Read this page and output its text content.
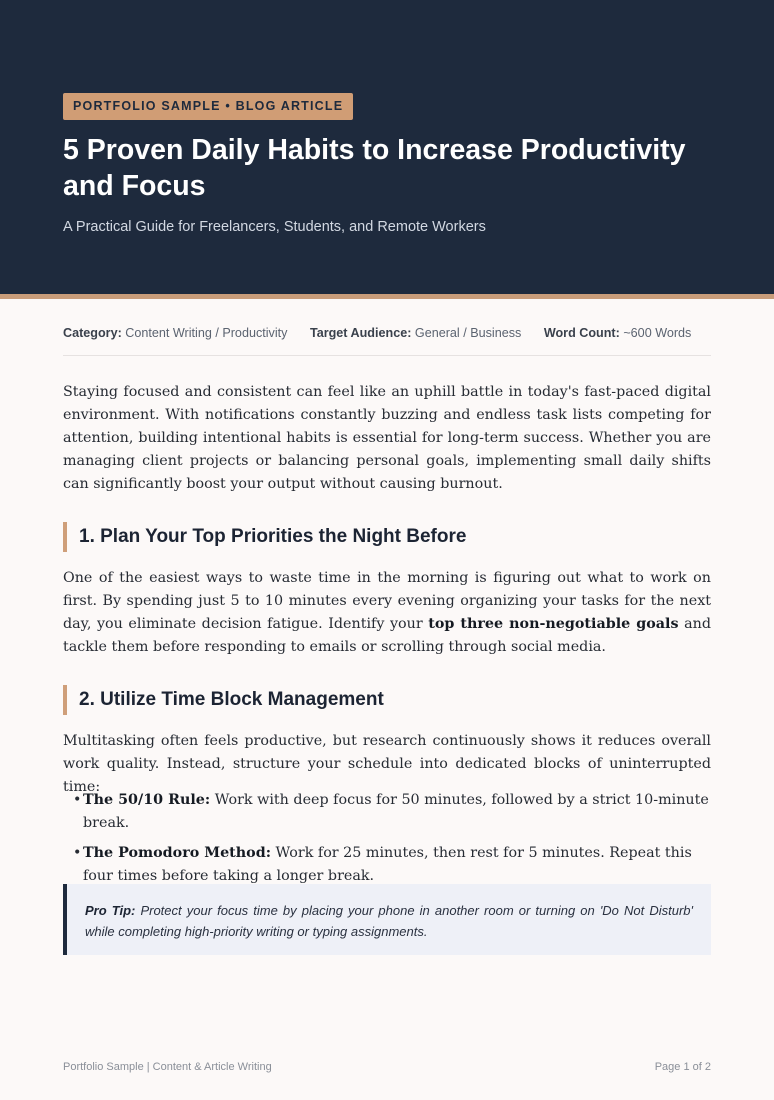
PORTFOLIO SAMPLE • BLOG ARTICLE
5 Proven Daily Habits to Increase Productivity and Focus
A Practical Guide for Freelancers, Students, and Remote Workers
Category: Content Writing / Productivity Target Audience: General / Business Word Count: ~600 Words

Staying focused and consistent can feel like an uphill battle in today's fast-paced digital environment. With notifications constantly buzzing and endless task lists competing for attention, building intentional habits is essential for long-term success. Whether you are managing client projects or balancing personal goals, implementing small daily shifts can significantly boost your output without causing burnout.

1. Plan Your Top Priorities the Night Before

One of the easiest ways to waste time in the morning is figuring out what to work on first. By spending just 5 to 10 minutes every evening organizing your tasks for the next day, you eliminate decision fatigue. Identify your top three non-negotiable goals and tackle them before responding to emails or scrolling through social media.

2. Utilize Time Block Management

Multitasking often feels productive, but research continuously shows it reduces overall work quality. Instead, structure your schedule into dedicated blocks of uninterrupted time:

• The 50/10 Rule: Work with deep focus for 50 minutes, followed by a strict 10-minute break.
• The Pomodoro Method: Work for 25 minutes, then rest for 5 minutes. Repeat this four times before taking a longer break.
Pro Tip: Protect your focus time by placing your phone in another room or turning on 'Do Not Disturb' while completing high-priority writing or typing assignments.
Portfolio Sample | Content & Article Writing	Page 1 of 2
